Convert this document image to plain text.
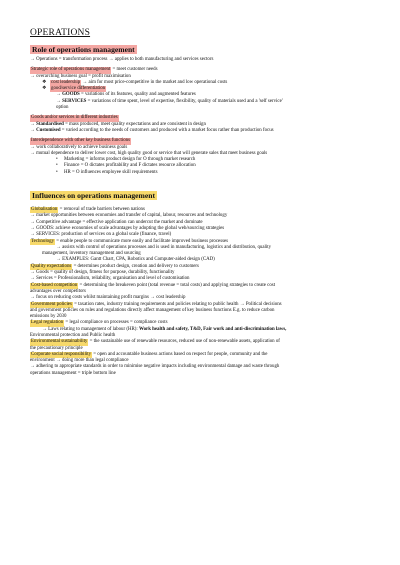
OPERATIONS
Role of operations management

→ Operations = transformation process → applies to both manufacturing and services sectors

Strategic role of operations management = meet customer needs

→ overarching business goal = profit maximisation

❖ cost leadership → aim for most price-competitive in the market and low operational costs

❖ good/service differentiation

→ GOODS = variations of its features, quality and augmented features

→ SERVICES = variations of time spent, level of expertise, flexibility, quality of materials used and a 'self service'

option

Goods and/or services in different industries

→ Standardised = mass produced, meet quality expectations and are consistent in design

→ Customised = varied according to the needs of customers and produced with a market focus rather than production focus

Interdependence with other key business functions

→ work collaboratively to achieve business goals

→ mutual dependence to deliver lower cost, high quality good or service that will generate sales that meet business goals

• Marketing = informs product design for O through market research

• Finance = O dictates profitability and F dictates resource allocation

• HR = O influences employee skill requirements

Influences on operations management

Globalisation = removal of trade barriers between nations

→ market opportunities between economies and transfer of capital, labour, resources and technology

→ Competitive advantage = effective application can undercut the market and dominate

→ GOODS: achieve economies of scale advantages by adopting the global web/sourcing strategies

→ SERVICES: production of services on a global scale (finance, travel)

Technology = enable people to communicate more easily and facilitate improved business processes

→ assists with control of operations processes and is used in manufacturing, logistics and distribution, quality

management, inventory management and sourcing

→ EXAMPLES: Gantt Chart, CPA, Robotics and Computer-aided design (CAD)

Quality expectations = determines product design, creation and delivery to customers

→ Goods = quality of design, fitness for purpose, durability, functionality

→ Services = Professionalism, reliability, organisation and level of customisation

Cost-based competition = determining the breakeven point (total revenue = total costs) and applying strategies to create cost

advantages over competitors

→ focus on reducing costs whilst maintaining profit margins → cost leadership

Government policies = taxation rates, industry training requirements and policies relating to public health → Political decisions

and government policies on rules and regulations directly affect management of key business functions E.g. to reduce carbon

emissions by 2030

Legal regulation = legal compliance on processes = compliance costs

→ Laws relating to management of labour (HR): Work health and safety, T&D, Fair work and anti-discrimination laws,

Environmental protection and Public health

Environmental sustainability = the sustainable use of renewable resources, reduced use of non-renewable assets, application of

the precautionary principle

Corporate social responsibility = open and accountable business actions based on respect for people, community and the

environment → doing more than legal compliance

→ adhering to appropriate standards in order to minimise negative impacts including environmental damage and waste through

operations management = triple bottom line
